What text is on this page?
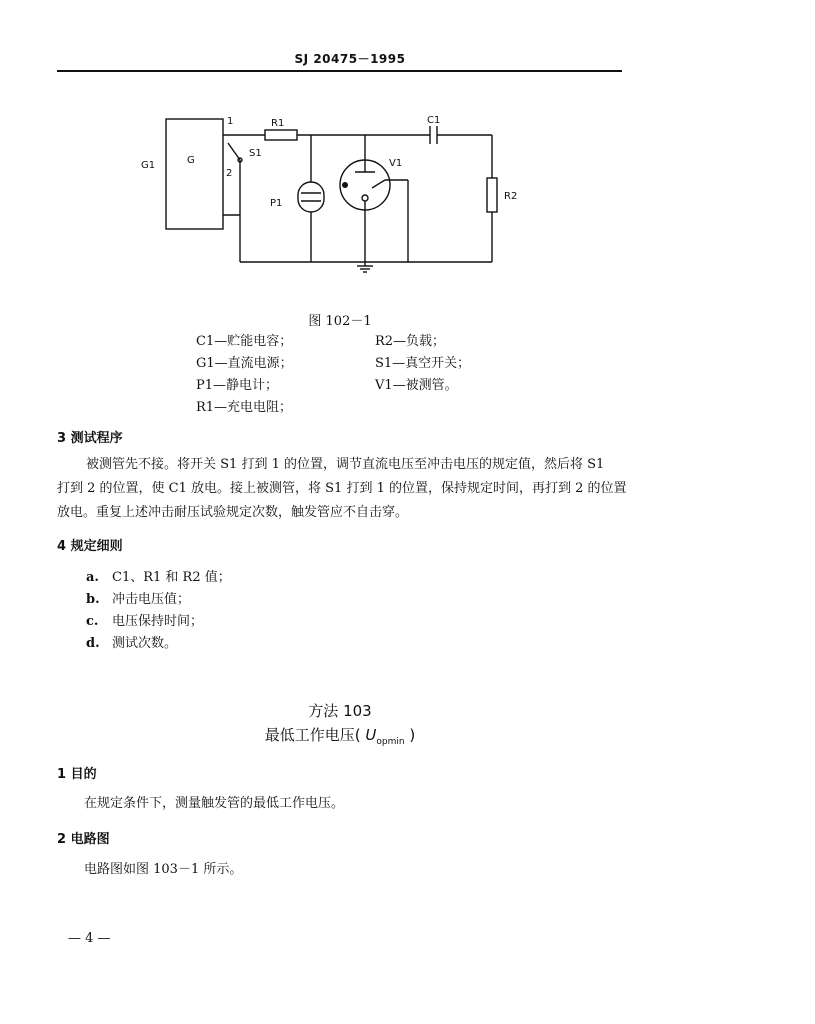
SJ 20475－1995
G1	G
1
2
S1
R1	C1
V1
R2
P1
图 102－1
C1—贮能电容；	R2—负载；
G1—直流电源；	S1—真空开关；
P1—静电计；	V1—被测管。
R1—充电电阻；
3 测试程序
被测管先不接。将开关 S1 打到 1 的位置，调节直流电压至冲击电压的规定值，然后将 S1
打到 2 的位置，使 C1 放电。接上被测管，将 S1 打到 1 的位置，保持规定时间，再打到 2 的位置
放电。重复上述冲击耐压试验规定次数，触发管应不自击穿。
4 规定细则
a. C1、R1 和 R2 值；
b. 冲击电压值；
c. 电压保持时间；
d. 测试次数。
方法 103
最低工作电压( $U_{opmin}$ )
1 目的
在规定条件下，测量触发管的最低工作电压。
2 电路图
电路图如图 103－1 所示。
— 4 —
